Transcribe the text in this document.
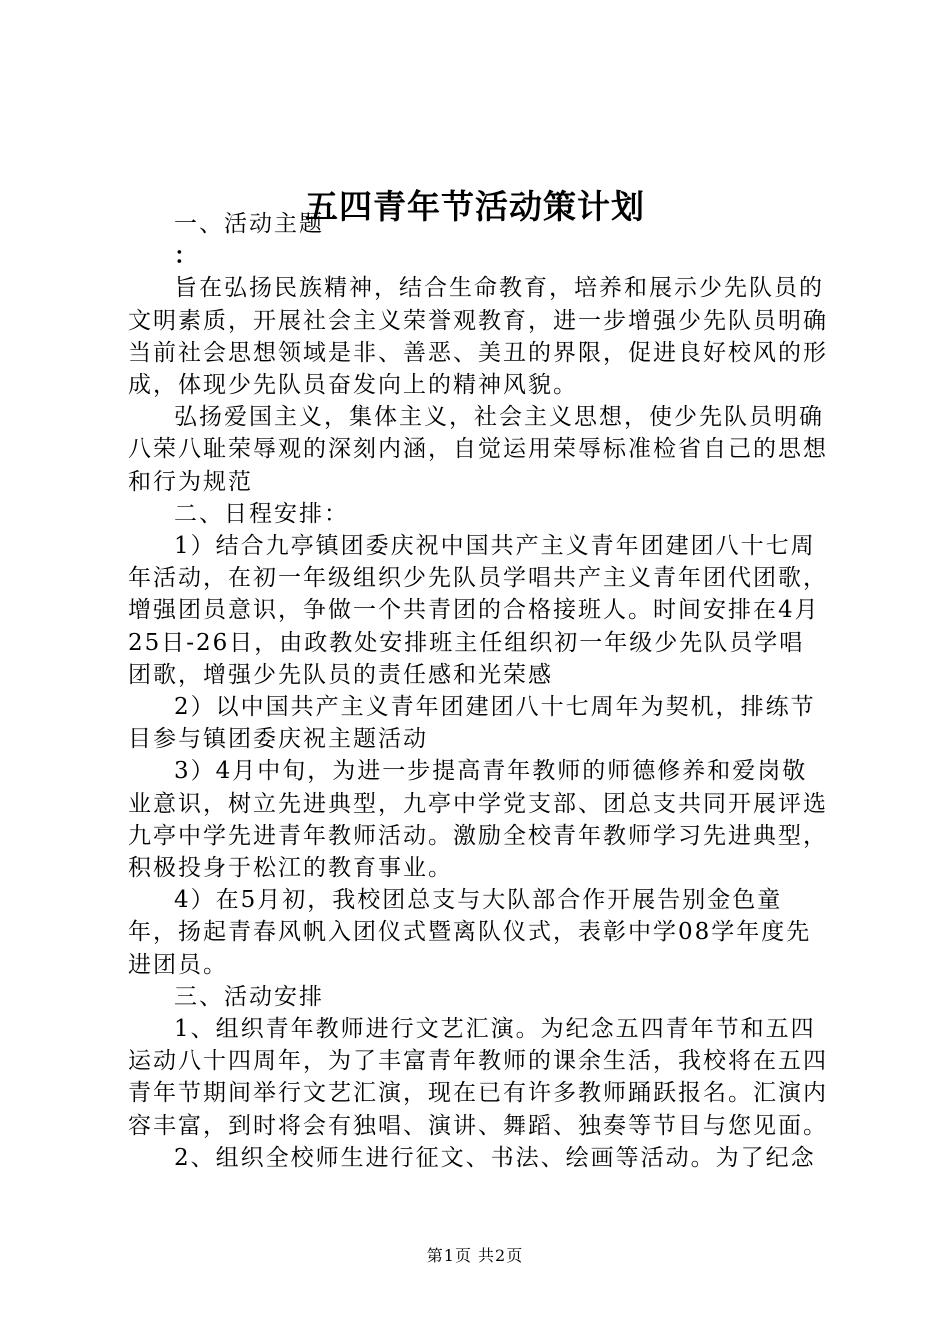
五四青年节活动策计划

一、活动主题

：

旨在弘扬民族精神，结合生命教育，培养和展示少先队员的文明素质，开展社会主义荣誉观教育，进一步增强少先队员明确当前社会思想领域是非、善恶、美丑的界限，促进良好校风的形成，体现少先队员奋发向上的精神风貌。

弘扬爱国主义，集体主义，社会主义思想，使少先队员明确八荣八耻荣辱观的深刻内涵，自觉运用荣辱标准检省自己的思想和行为规范

二、日程安排：

1）结合九亭镇团委庆祝中国共产主义青年团建团八十七周年活动，在初一年级组织少先队员学唱共产主义青年团代团歌，增强团员意识，争做一个共青团的合格接班人。时间安排在4月25日-26日，由政教处安排班主任组织初一年级少先队员学唱团歌，增强少先队员的责任感和光荣感

2）以中国共产主义青年团建团八十七周年为契机，排练节目参与镇团委庆祝主题活动

3）4月中旬，为进一步提高青年教师的师德修养和爱岗敬业意识，树立先进典型，九亭中学党支部、团总支共同开展评选九亭中学先进青年教师活动。激励全校青年教师学习先进典型，积极投身于松江的教育事业。

4）在5月初，我校团总支与大队部合作开展告别金色童年，扬起青春风帆入团仪式暨离队仪式，表彰中学08学年度先进团员。

三、活动安排

1、组织青年教师进行文艺汇演。为纪念五四青年节和五四运动八十四周年，为了丰富青年教师的课余生活，我校将在五四青年节期间举行文艺汇演，现在已有许多教师踊跃报名。汇演内容丰富，到时将会有独唱、演讲、舞蹈、独奏等节目与您见面。

2、组织全校师生进行征文、书法、绘画等活动。为了纪念

第1页 共2页
